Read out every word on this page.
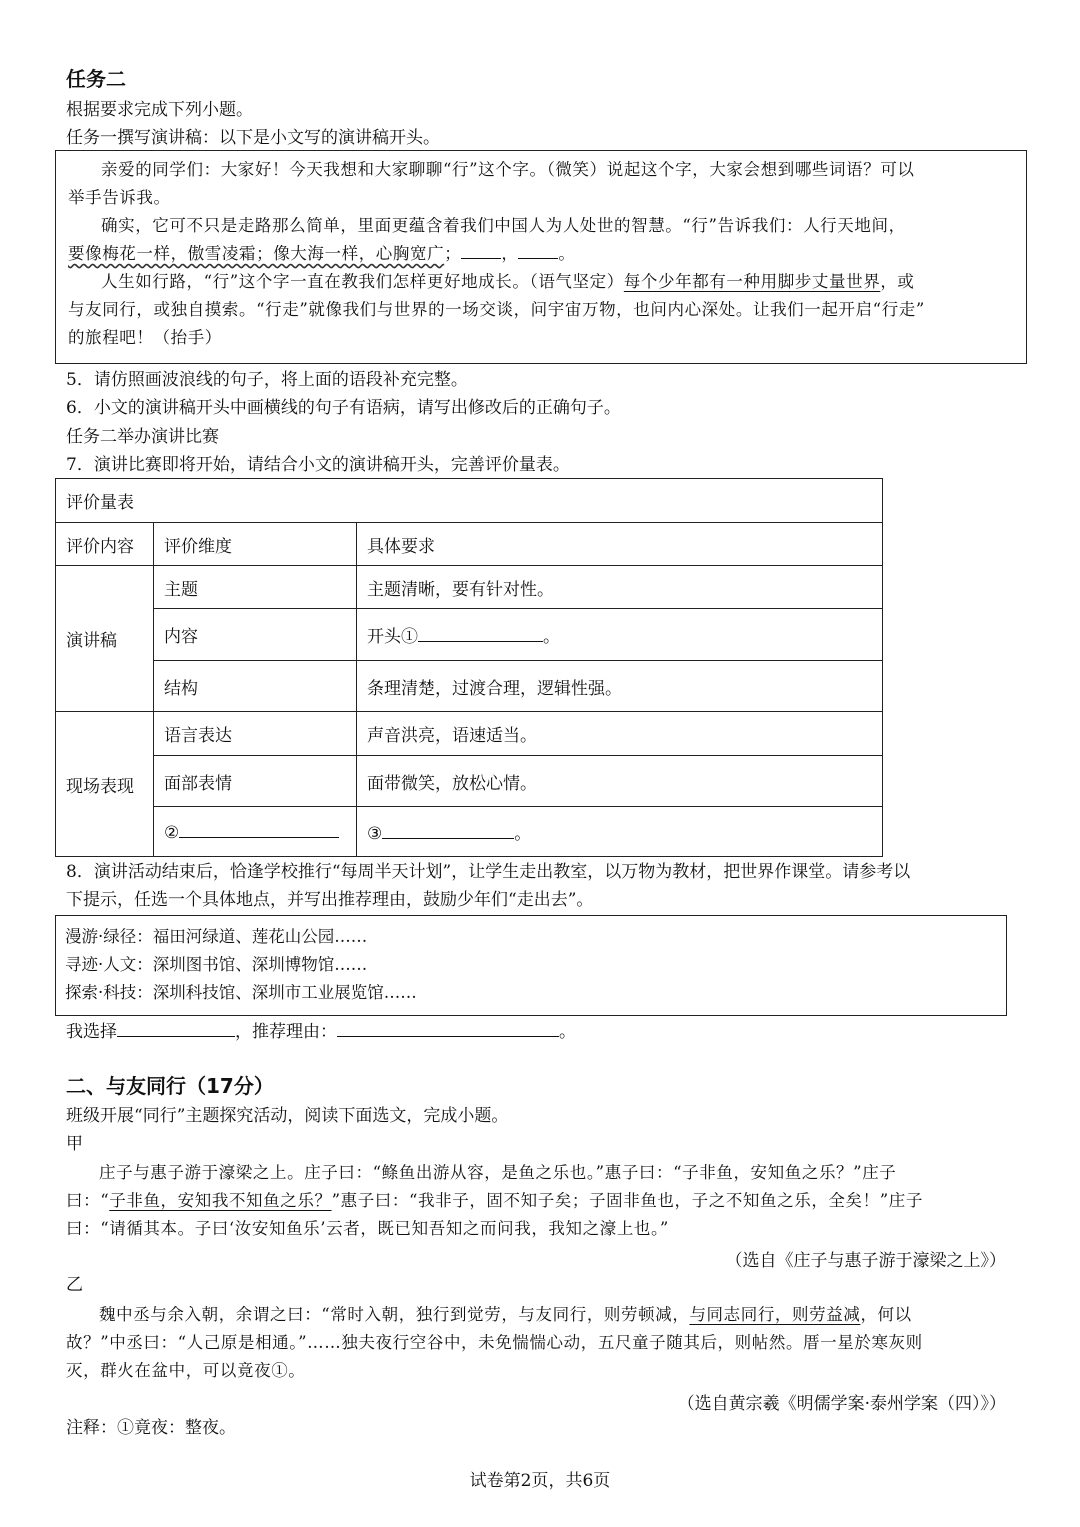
任务二
根据要求完成下列小题。
任务一撰写演讲稿：以下是小文写的演讲稿开头。

亲爱的同学们：大家好！今天我想和大家聊聊“行”这个字。（微笑）说起这个字，大家会想到哪些词语？可以

举手告诉我。

确实，它可不只是走路那么简单，里面更蕴含着我们中国人为人处世的智慧。“行”告诉我们：人行天地间，

要像梅花一样，傲雪凌霜；像大海一样，心胸宽广； ， 。

人生如行路，“行”这个字一直在教我们怎样更好地成长。（语气坚定）每个少年都有一种用脚步丈量世界，或

与友同行，或独自摸索。“行走”就像我们与世界的一场交谈，问宇宙万物，也问内心深处。让我们一起开启“行走”

的旅程吧！（抬手）

5．请仿照画波浪线的句子，将上面的语段补充完整。
6．小文的演讲稿开头中画横线的句子有语病，请写出修改后的正确句子。
任务二举办演讲比赛
7．演讲比赛即将开始，请结合小文的演讲稿开头，完善评价量表。
评价量表		
评价内容	评价维度	具体要求
演讲稿	主题	主题清晰，要有针对性。
	内容	开头① 。
	结构	条理清楚，过渡合理，逻辑性强。
现场表现	语言表达	声音洪亮，语速适当。
	面部表情	面带微笑，放松心情。
	②	③ 。
8．演讲活动结束后，恰逢学校推行“每周半天计划”，让学生走出教室，以万物为教材，把世界作课堂。请参考以
下提示，任选一个具体地点，并写出推荐理由，鼓励少年们“走出去”。
漫游·绿径：福田河绿道、莲花山公园……
寻迹·人文：深圳图书馆、深圳博物馆……
探索·科技：深圳科技馆、深圳市工业展览馆……
我选择	，推荐理由：	。
二、与友同行（17分）
班级开展“同行”主题探究活动，阅读下面选文，完成小题。
甲
庄子与惠子游于濠梁之上。庄子曰：“鲦鱼出游从容，是鱼之乐也。”惠子曰：“子非鱼，安知鱼之乐？”庄子
曰：“子非鱼，安知我不知鱼之乐？”惠子曰：“我非子，固不知子矣；子固非鱼也，子之不知鱼之乐，全矣！”庄子
曰：“请循其本。子曰‘汝安知鱼乐’云者，既已知吾知之而问我，我知之濠上也。”
（选自《庄子与惠子游于濠梁之上》）
乙
魏中丞与余入朝，余谓之曰：“常时入朝，独行到觉劳，与友同行，则劳顿减，与同志同行，则劳益减，何以
故？”中丞曰：“人己原是相通。”……独夫夜行空谷中，未免惴惴心动，五尺童子随其后，则帖然。厝一星於寒灰则
灭，群火在盆中，可以竟夜①。
（选自黄宗羲《明儒学案·泰州学案（四）》）
注释：①竟夜：整夜。
试卷第2页，共6页
